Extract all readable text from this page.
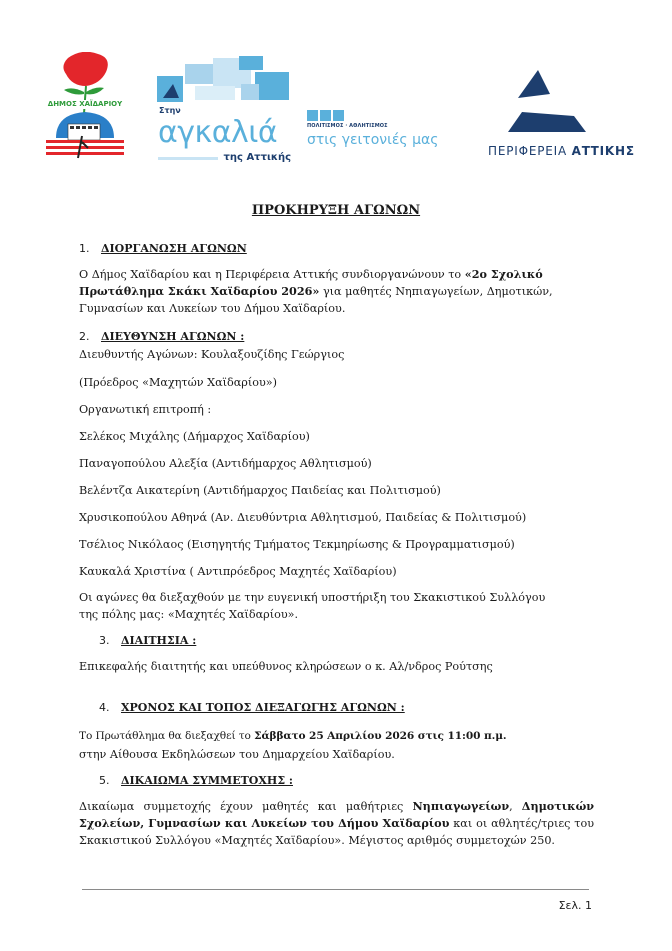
ΔΗΜΟΣ ΧΑΪΔΑΡΙΟΥ
Στην
αγκαλιά
της Αττικής
ΠΟΛΙΤΙΣΜΟΣ · ΑΘΛΗΤΙΣΜΟΣ
στις γειτονιές μας
ΠΕΡΙΦΕΡΕΙΑ ΑΤΤΙΚΗΣ
ΠΡΟΚΗΡΥΞΗ ΑΓΩΝΩΝ
1. ΔΙΟΡΓΑΝΩΣΗ ΑΓΩΝΩΝ
Ο Δήμος Χαϊδαρίου και η Περιφέρεια Αττικής συνδιοργανώνουν το «2ο Σχολικό Πρωτάθλημα Σκάκι Χαϊδαρίου 2026» για μαθητές Νηπιαγωγείων, Δημοτικών, Γυμνασίων και Λυκείων του Δήμου Χαϊδαρίου.
2. ΔΙΕΥΘΥΝΣΗ ΑΓΩΝΩΝ :
Διευθυντής Αγώνων: Κουλαξουζίδης Γεώργιος
(Πρόεδρος «Μαχητών Χαϊδαρίου»)
Οργανωτική επιτροπή :
Σελέκος Μιχάλης (Δήμαρχος Χαϊδαρίου)
Παναγοπούλου Αλεξία (Αντιδήμαρχος Αθλητισμού)
Βελέντζα Αικατερίνη (Αντιδήμαρχος Παιδείας και Πολιτισμού)
Χρυσικοπούλου Αθηνά (Αν. Διευθύντρια Αθλητισμού, Παιδείας & Πολιτισμού)
Τσέλιος Νικόλαος (Εισηγητής Τμήματος Τεκμηρίωσης & Προγραμματισμού)
Καυκαλά Χριστίνα ( Αντιπρόεδρος Μαχητές Χαϊδαρίου)
Οι αγώνες θα διεξαχθούν με την ευγενική υποστήριξη του Σκακιστικού Συλλόγου της πόλης μας: «Μαχητές Χαϊδαρίου».
3. ΔΙΑΙΤΗΣΙΑ :
Επικεφαλής διαιτητής και υπεύθυνος κληρώσεων ο κ. Αλ/νδρος Ρούτσης
4. ΧΡΟΝΟΣ ΚΑΙ ΤΟΠΟΣ ΔΙΕΞΑΓΩΓΗΣ ΑΓΩΝΩΝ :
Το Πρωτάθλημα θα διεξαχθεί το Σάββατο 25 Απριλίου 2026 στις 11:00 π.μ.
στην Αίθουσα Εκδηλώσεων του Δημαρχείου Χαϊδαρίου.
5. ΔΙΚΑΙΩΜΑ ΣΥΜΜΕΤΟΧΗΣ :
Δικαίωμα συμμετοχής έχουν μαθητές και μαθήτριες Νηπιαγωγείων, Δημοτικών Σχολείων, Γυμνασίων και Λυκείων του Δήμου Χαϊδαρίου και οι αθλητές/τριες του Σκακιστικού Συλλόγου «Μαχητές Χαϊδαρίου». Μέγιστος αριθμός συμμετοχών 250.
Σελ. 1
